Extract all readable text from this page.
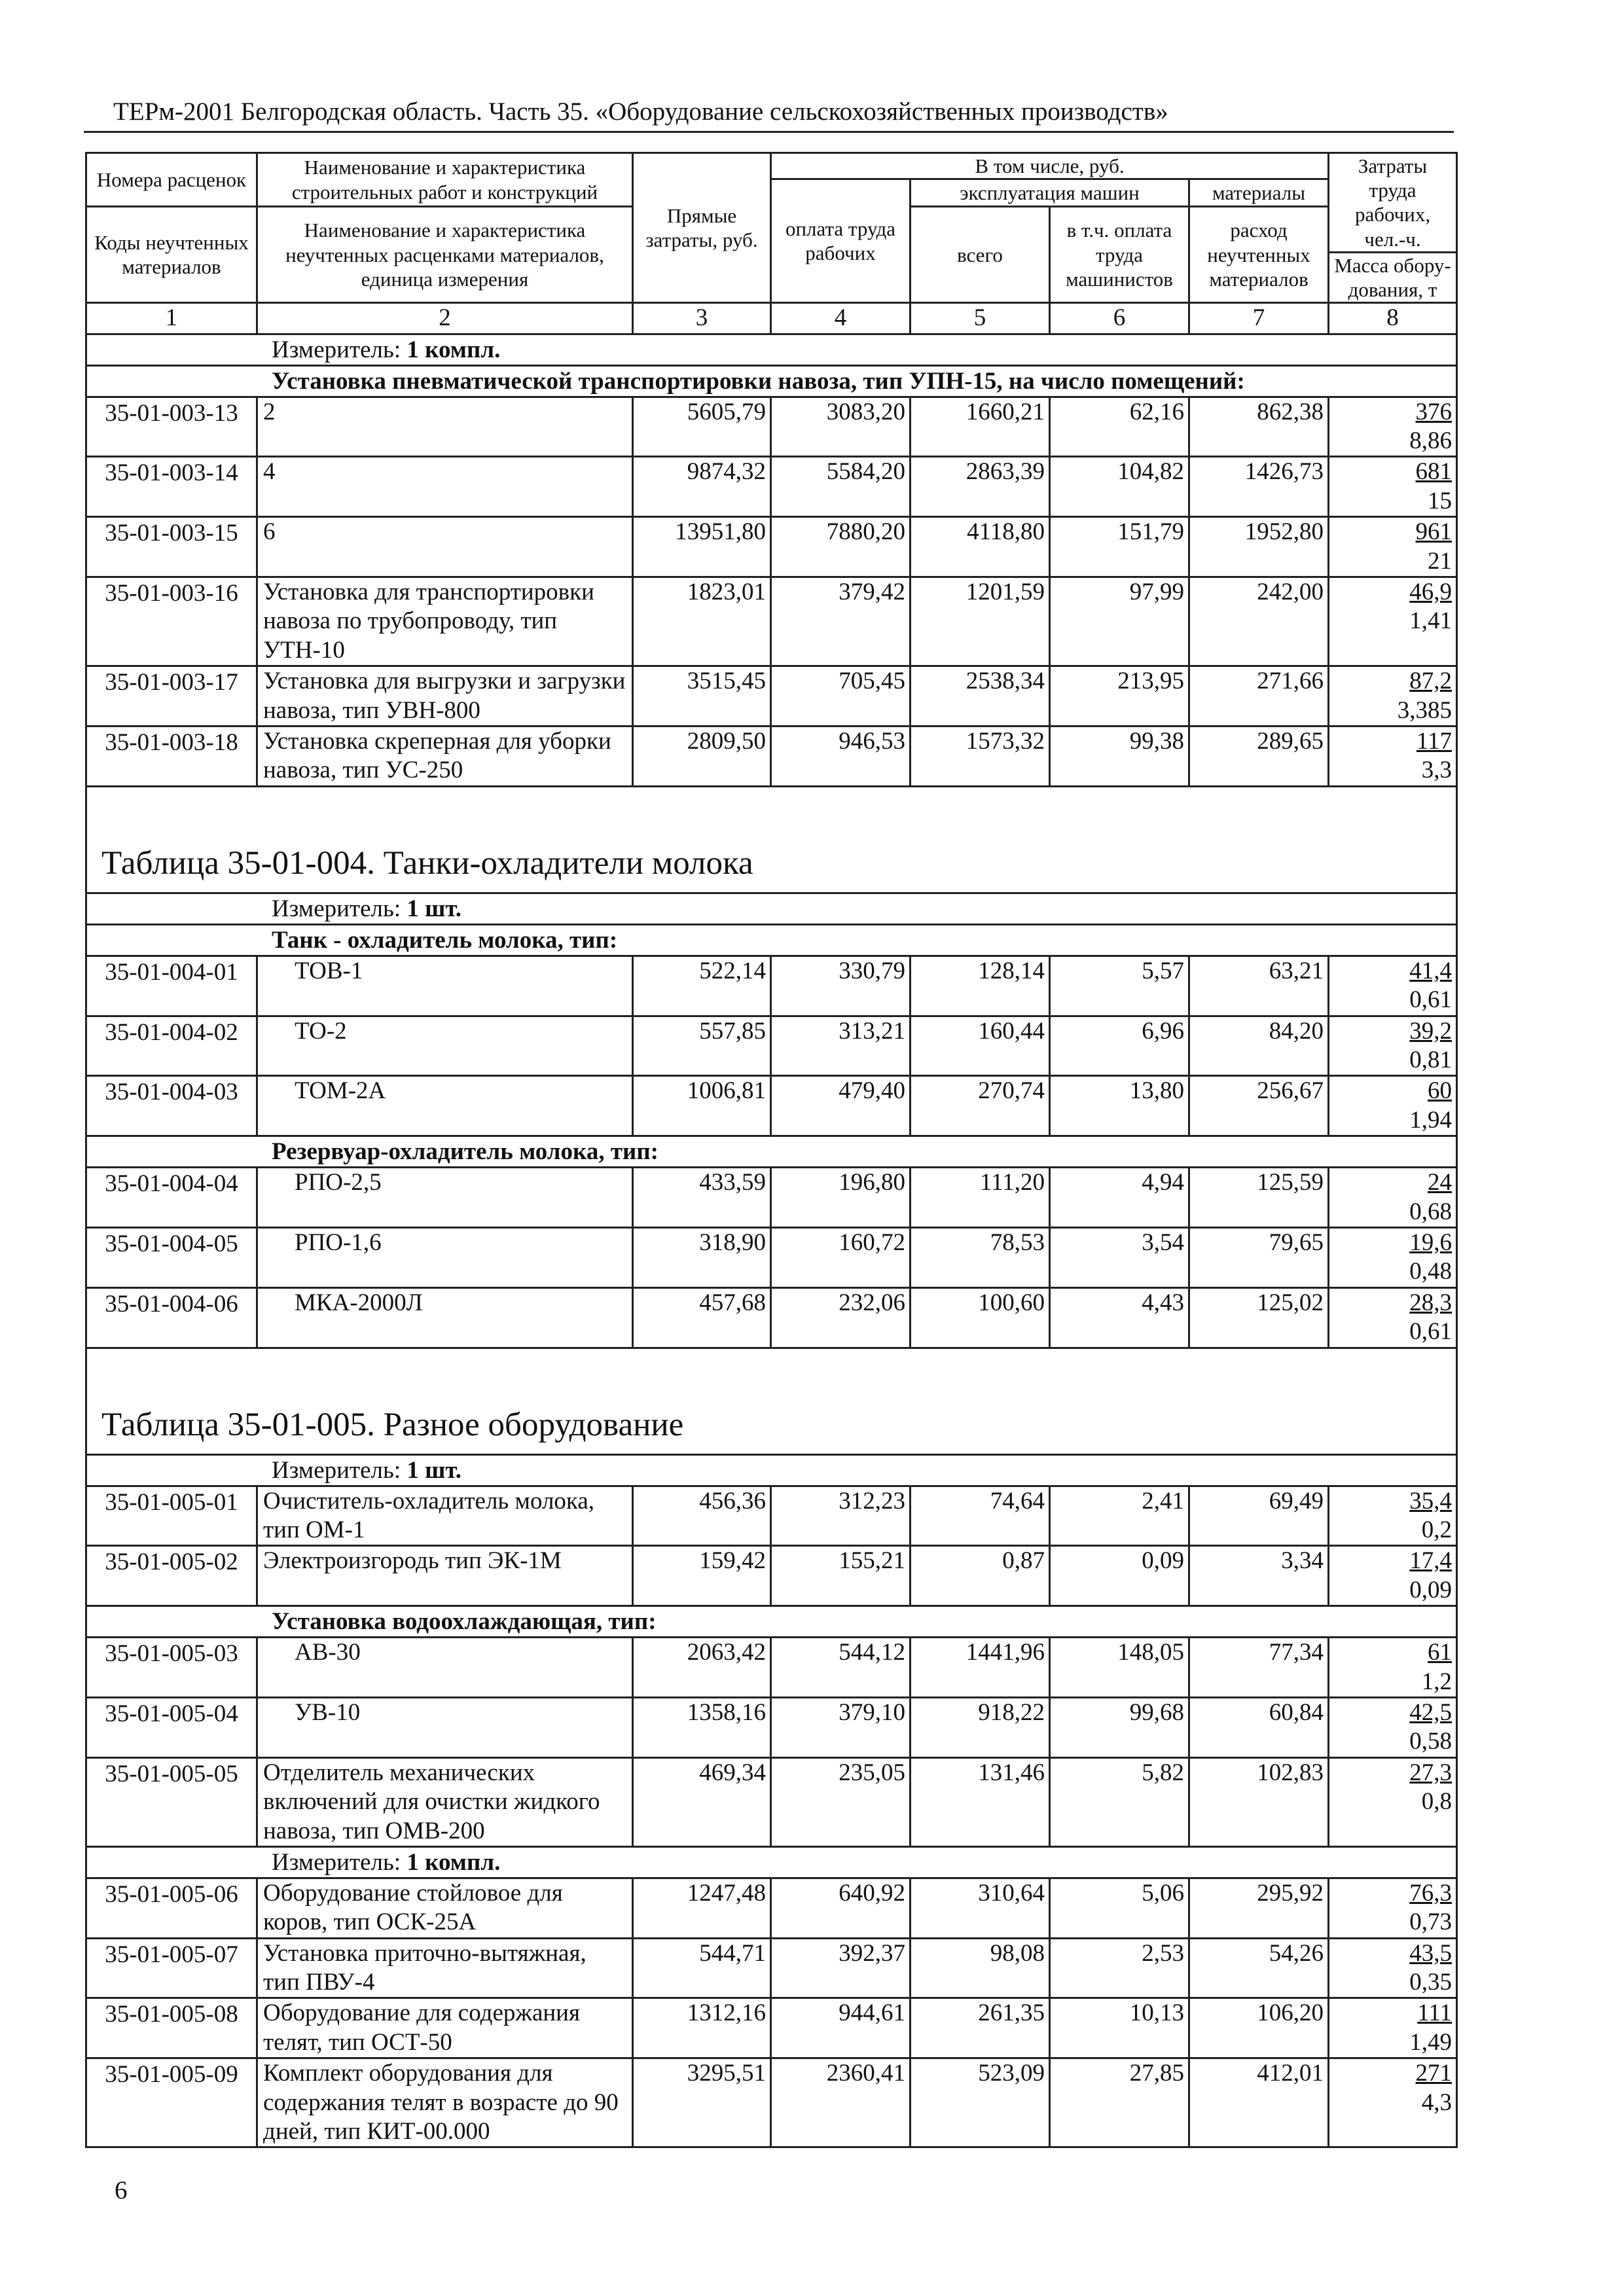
ТЕРм-2001 Белгородская область. Часть 35. «Оборудование сельскохозяйственных производств»
Номера расценок	Наименование и характеристика строительных работ и конструкций	Прямые затраты, руб.	В том числе, руб.				Затраты труда рабочих, чел.-ч.
			оплата труда рабочих	эксплуатация машин		материалы	
Коды неучтенных материалов	Наименование и характеристика неучтенных расценками материалов, единица измерения			всего	в т.ч. оплата труда машинистов	расход неучтенных материалов	
							Масса обору-дования, т
1	2	3	4	5	6	7	8
Измеритель: 1 компл.							
Установка пневматической транспортировки навоза, тип УПН-15, на число помещений:							
35-01-003-13	2	5605,79	3083,20	1660,21	62,16	862,38	376
8,86

35-01-003-14	4	9874,32	5584,20	2863,39	104,82	1426,73	681
15

35-01-003-15	6	13951,80	7880,20	4118,80	151,79	1952,80	961
21

35-01-003-16	Установка для транспортировки навоза по трубопроводу, тип УТН-10	1823,01	379,42	1201,59	97,99	242,00	46,9
1,41

35-01-003-17	Установка для выгрузки и загрузки навоза, тип УВН-800	3515,45	705,45	2538,34	213,95	271,66	87,2
3,385

35-01-003-18	Установка скреперная для уборки навоза, тип УС-250	2809,50	946,53	1573,32	99,38	289,65	117
3,3

Таблица 35-01-004. Танки-охладители молока							
Измеритель: 1 шт.							
Танк - охладитель молока, тип:							
35-01-004-01	ТОВ-1	522,14	330,79	128,14	5,57	63,21	41,4
0,61

35-01-004-02	ТО-2	557,85	313,21	160,44	6,96	84,20	39,2
0,81

35-01-004-03	ТОМ-2А	1006,81	479,40	270,74	13,80	256,67	60
1,94

Резервуар-охладитель молока, тип:							
35-01-004-04	РПО-2,5	433,59	196,80	111,20	4,94	125,59	24
0,68

35-01-004-05	РПО-1,6	318,90	160,72	78,53	3,54	79,65	19,6
0,48

35-01-004-06	МКА-2000Л	457,68	232,06	100,60	4,43	125,02	28,3
0,61

Таблица 35-01-005. Разное оборудование							
Измеритель: 1 шт.							
35-01-005-01	Очиститель-охладитель молока, тип ОМ-1	456,36	312,23	74,64	2,41	69,49	35,4
0,2

35-01-005-02	Электроизгородь тип ЭК-1М	159,42	155,21	0,87	0,09	3,34	17,4
0,09

Установка водоохлаждающая, тип:							
35-01-005-03	АВ-30	2063,42	544,12	1441,96	148,05	77,34	61
1,2

35-01-005-04	УВ-10	1358,16	379,10	918,22	99,68	60,84	42,5
0,58

35-01-005-05	Отделитель механических включений для очистки жидкого навоза, тип ОМВ-200	469,34	235,05	131,46	5,82	102,83	27,3
0,8

Измеритель: 1 компл.							
35-01-005-06	Оборудование стойловое для коров, тип ОСК-25А	1247,48	640,92	310,64	5,06	295,92	76,3
0,73

35-01-005-07	Установка приточно-вытяжная, тип ПВУ-4	544,71	392,37	98,08	2,53	54,26	43,5
0,35

35-01-005-08	Оборудование для содержания телят, тип ОСТ-50	1312,16	944,61	261,35	10,13	106,20	111
1,49

35-01-005-09	Комплект оборудования для содержания телят в возрасте до 90 дней, тип КИТ-00.000	3295,51	2360,41	523,09	27,85	412,01	271
4,3
6
